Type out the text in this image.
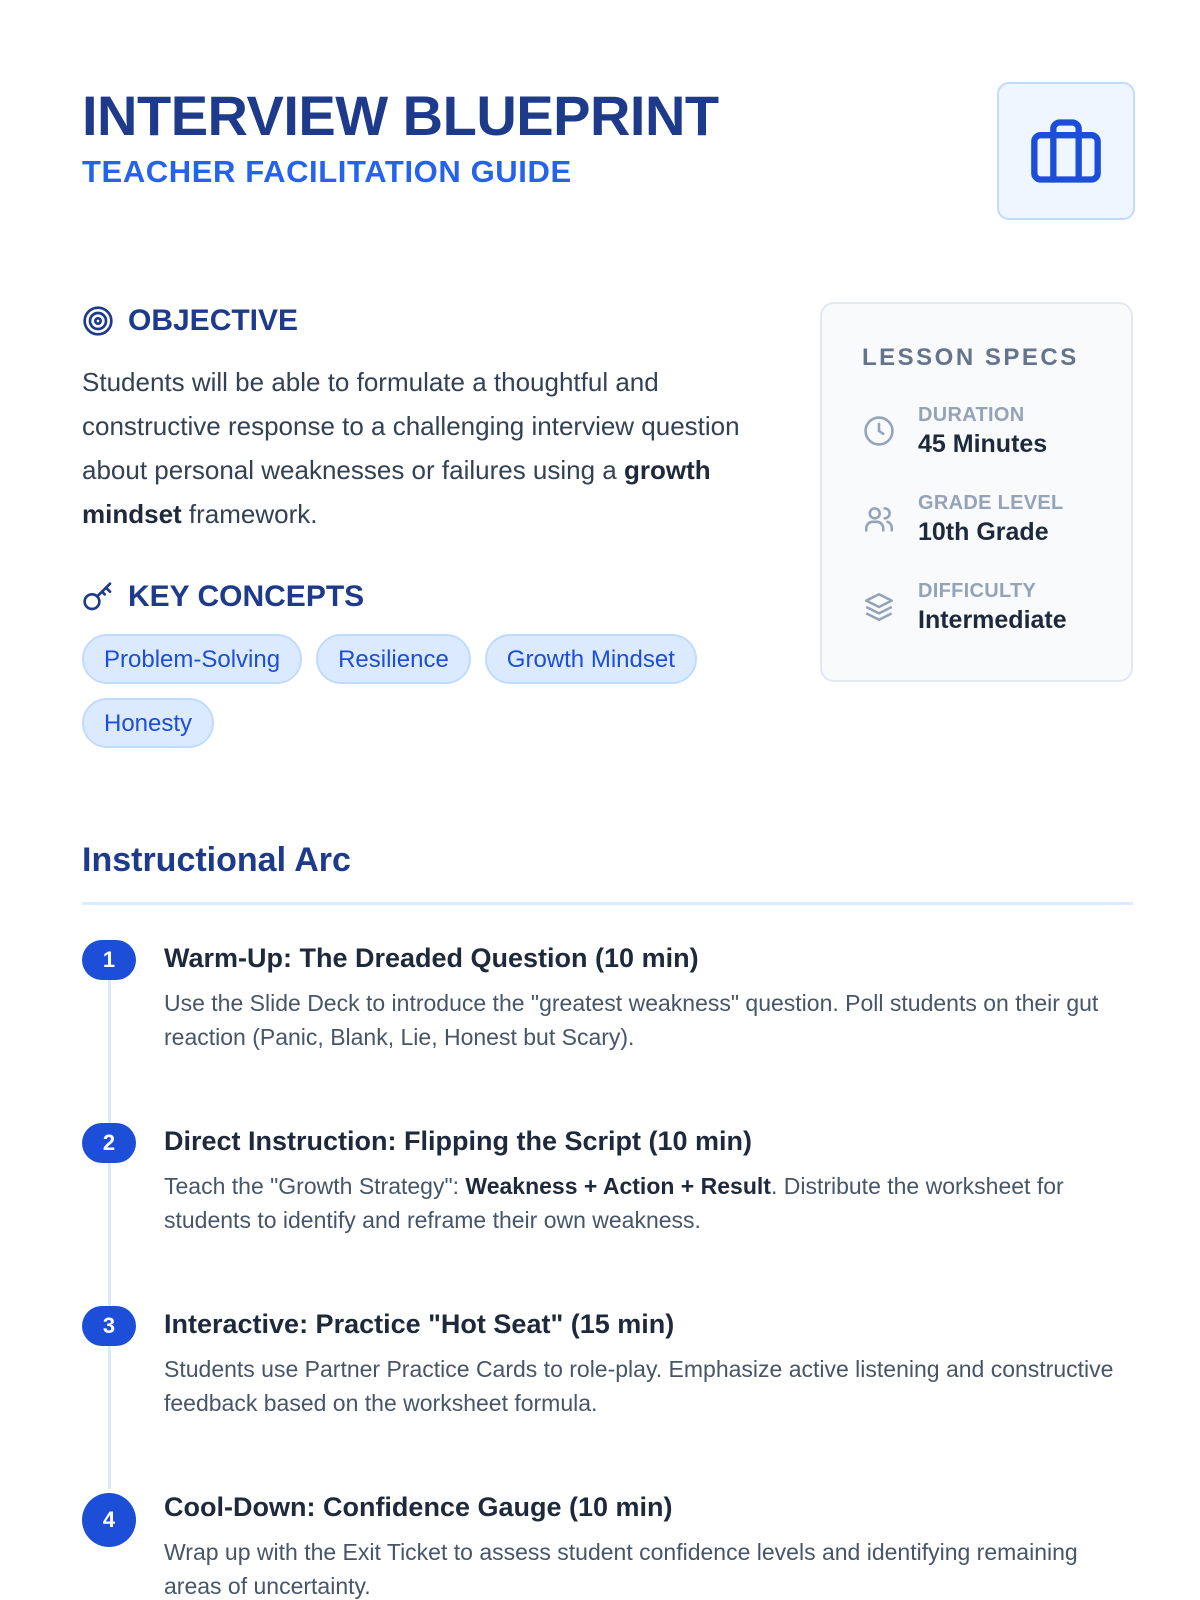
INTERVIEW BLUEPRINT
TEACHER FACILITATION GUIDE
OBJECTIVE

Students will be able to formulate a thoughtful and constructive response to a challenging interview question about personal weaknesses or failures using a growth mindset framework.

KEY CONCEPTS
Problem-Solving	Resilience	Growth Mindset
Honesty
LESSON SPECS
DURATION
45 Minutes
GRADE LEVEL
10th Grade
DIFFICULTY
Intermediate
Instructional Arc
1	Warm-Up: The Dreaded Question (10 min)

Use the Slide Deck to introduce the "greatest weakness" question. Poll students on their gut reaction (Panic, Blank, Lie, Honest but Scary).

2	Direct Instruction: Flipping the Script (10 min)

Teach the "Growth Strategy": Weakness + Action + Result. Distribute the worksheet for students to identify and reframe their own weakness.

3	Interactive: Practice "Hot Seat" (15 min)

Students use Partner Practice Cards to role-play. Emphasize active listening and constructive feedback based on the worksheet formula.

4	Cool-Down: Confidence Gauge (10 min)

Wrap up with the Exit Ticket to assess student confidence levels and identifying remaining areas of uncertainty.
